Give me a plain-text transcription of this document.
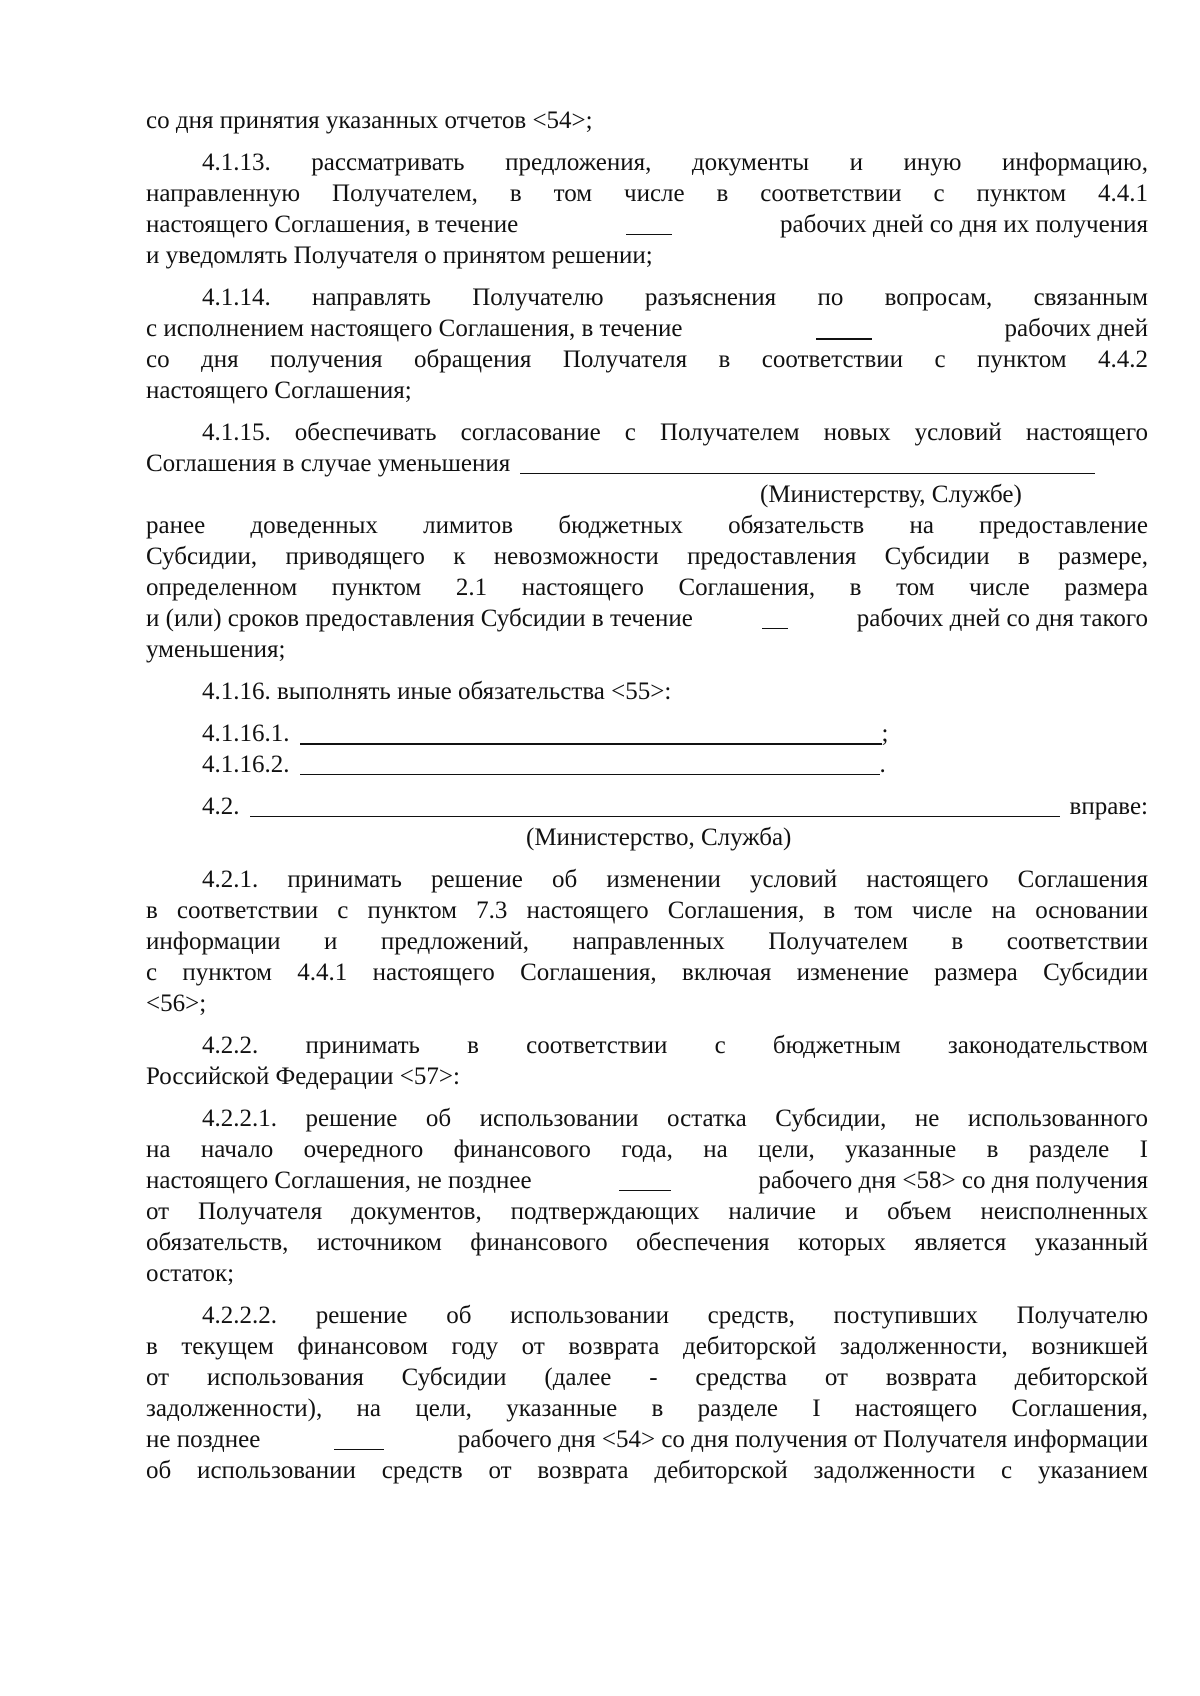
со дня принятия указанных отчетов <54>;
4.1.13. рассматривать предложения, документы и иную информацию,
направленную Получателем, в том числе в соответствии с пунктом 4.4.1
настоящего Соглашения, в течение	рабочих дней со дня их получения
и уведомлять Получателя о принятом решении;
4.1.14. направлять Получателю разъяснения по вопросам, связанным
с исполнением настоящего Соглашения, в течение	рабочих дней
со дня получения обращения Получателя в соответствии с пунктом 4.4.2
настоящего Соглашения;
4.1.15. обеспечивать согласование с Получателем новых условий настоящего
Соглашения в случае уменьшения
(Министерству, Службе)
ранее доведенных лимитов бюджетных обязательств на предоставление
Субсидии, приводящего к невозможности предоставления Субсидии в размере,
определенном пунктом 2.1 настоящего Соглашения, в том числе размера
и (или) сроков предоставления Субсидии в течение	рабочих дней со дня такого
уменьшения;
4.1.16. выполнять иные обязательства <55>:
4.1.16.1.	;
4.1.16.2.	.
4.2.	вправе:
(Министерство, Служба)
4.2.1. принимать решение об изменении условий настоящего Соглашения
в соответствии с пунктом 7.3 настоящего Соглашения, в том числе на основании
информации и предложений, направленных Получателем в соответствии
с пунктом 4.4.1 настоящего Соглашения, включая изменение размера Субсидии
<56>;
4.2.2. принимать в соответствии с бюджетным законодательством
Российской Федерации <57>:
4.2.2.1. решение об использовании остатка Субсидии, не использованного
на начало очередного финансового года, на цели, указанные в разделе I
настоящего Соглашения, не позднее	рабочего дня <58> со дня получения
от Получателя документов, подтверждающих наличие и объем неисполненных
обязательств, источником финансового обеспечения которых является указанный
остаток;
4.2.2.2. решение об использовании средств, поступивших Получателю
в текущем финансовом году от возврата дебиторской задолженности, возникшей
от использования Субсидии (далее - средства от возврата дебиторской
задолженности), на цели, указанные в разделе I настоящего Соглашения,
не позднее	рабочего дня <54> со дня получения от Получателя информации
об использовании средств от возврата дебиторской задолженности с указанием
